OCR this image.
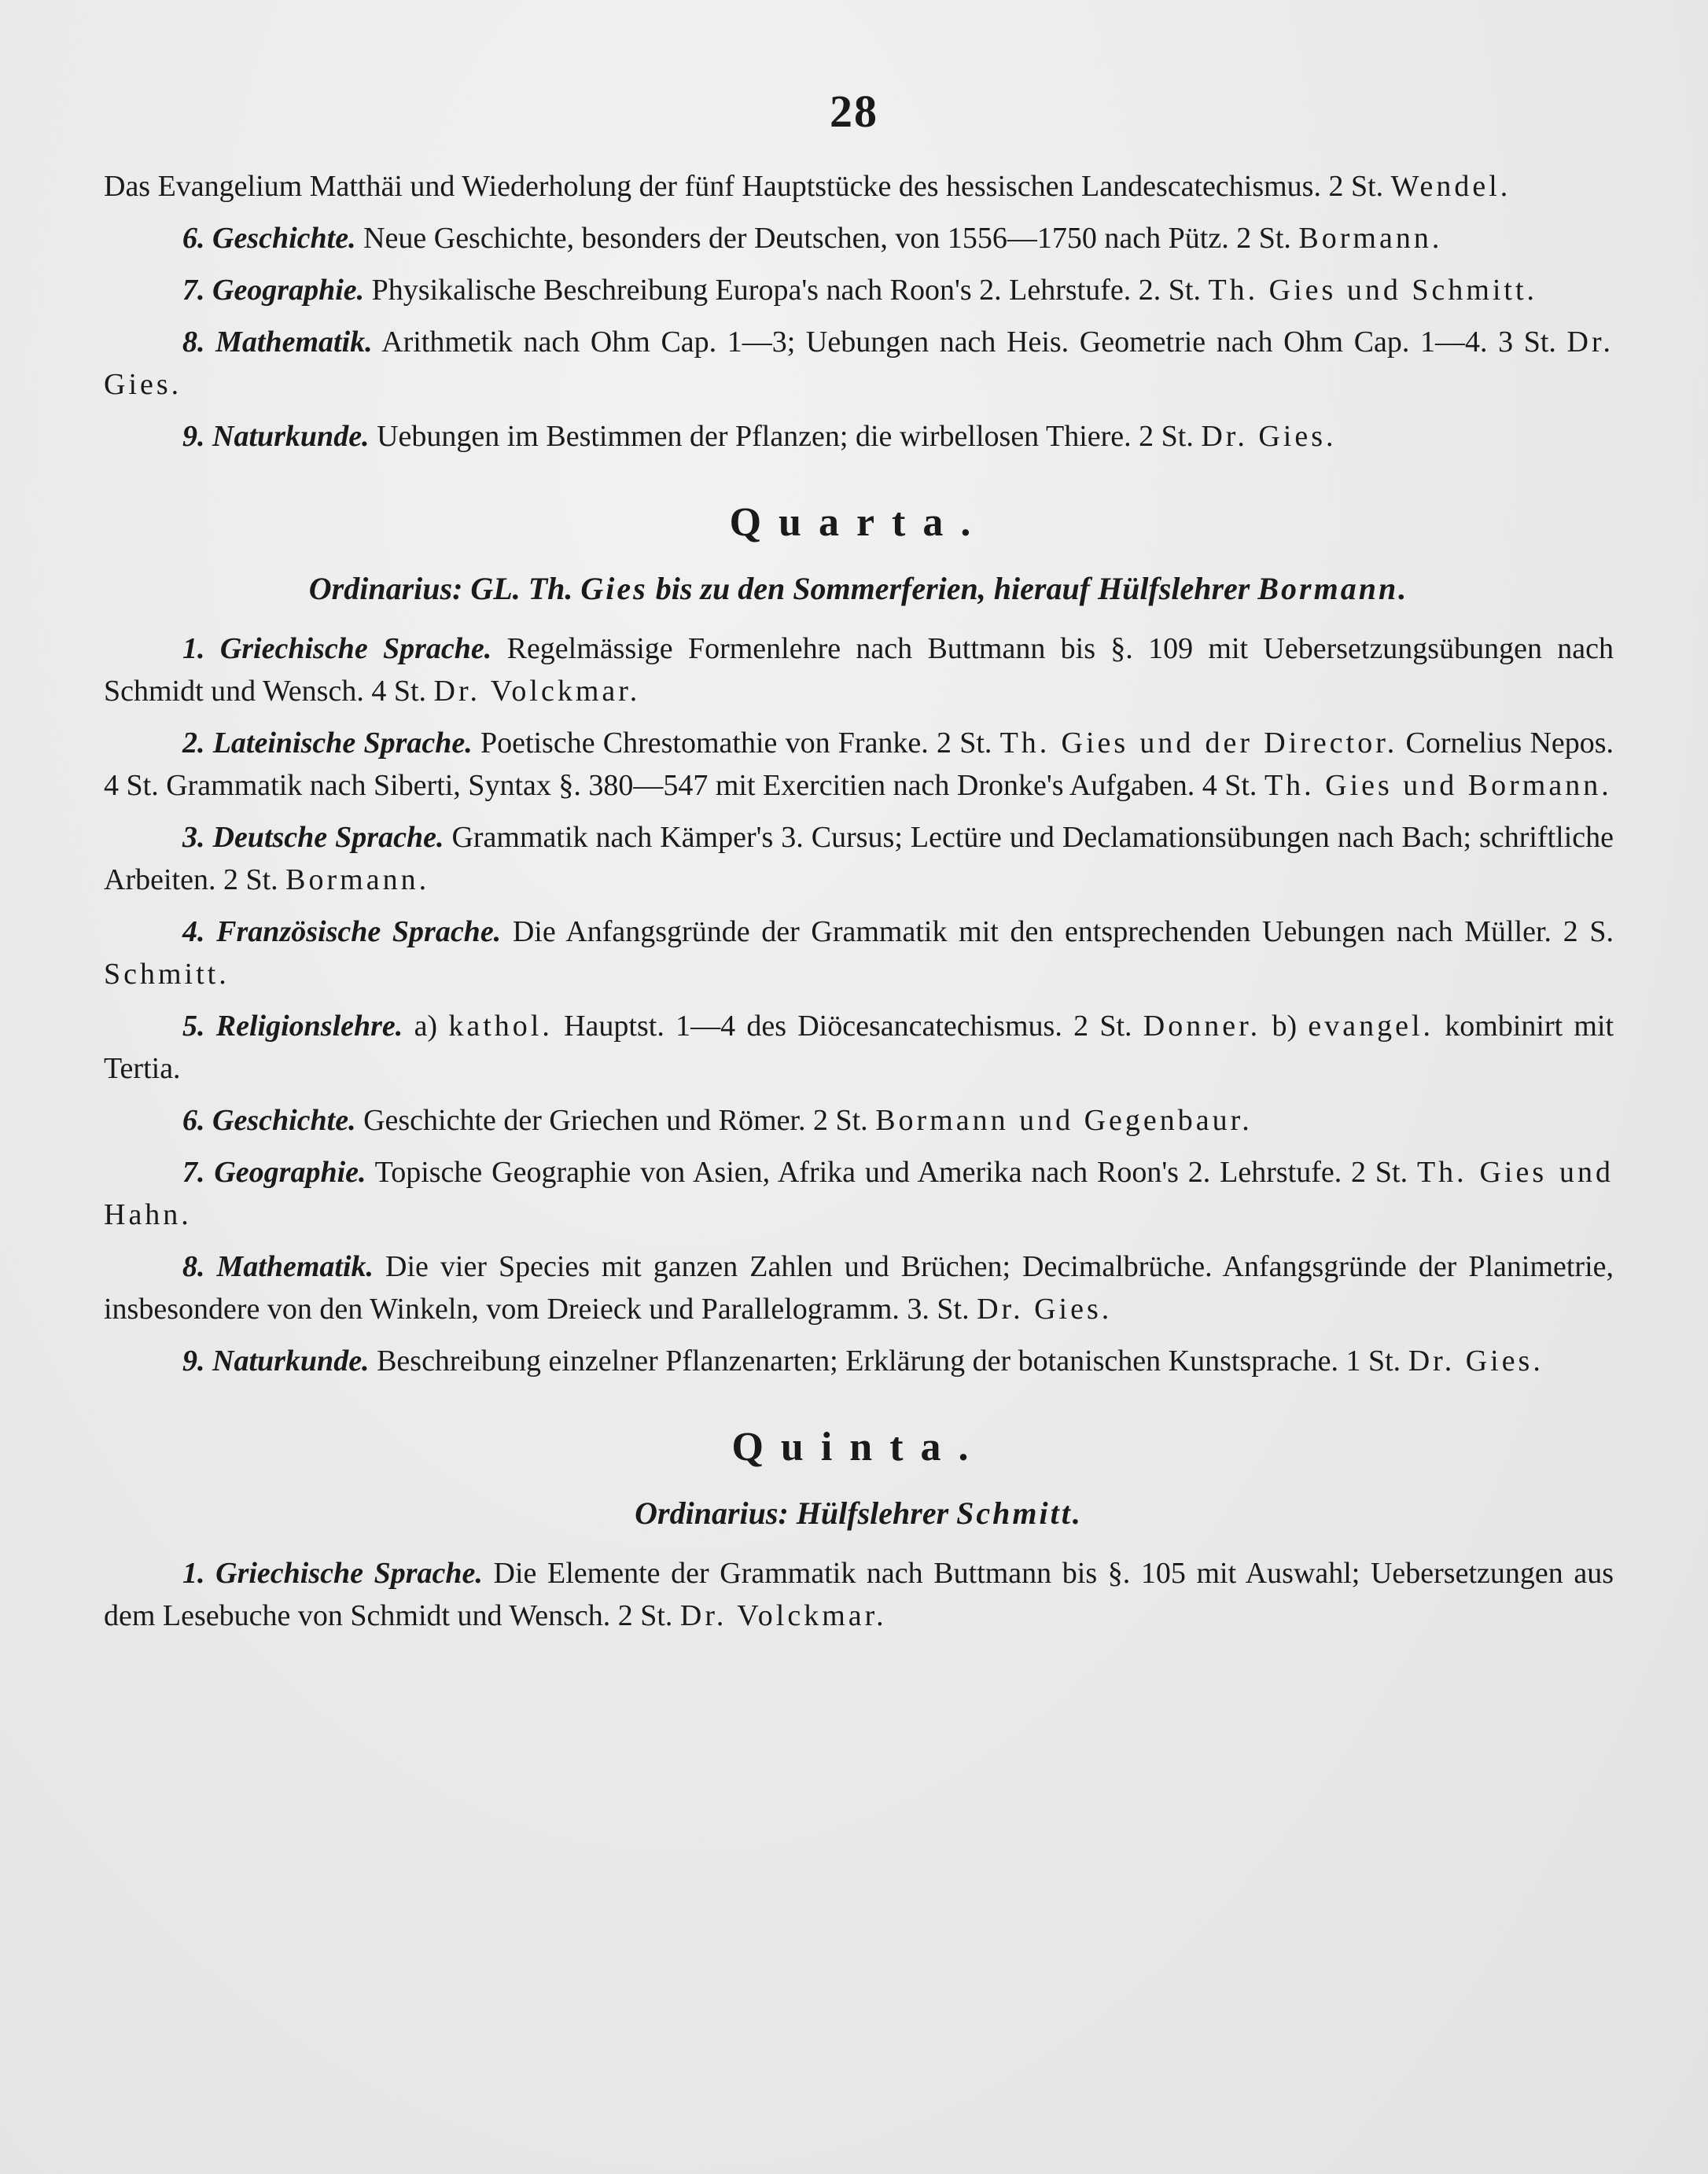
28

Das Evangelium Matthäi und Wiederholung der fünf Hauptstücke des hessischen Landescatechismus. 2 St. Wendel.

6. Geschichte. Neue Geschichte, besonders der Deutschen, von 1556—1750 nach Pütz. 2 St. Bormann.

7. Geographie. Physikalische Beschreibung Europa's nach Roon's 2. Lehrstufe. 2. St. Th. Gies und Schmitt.

8. Mathematik. Arithmetik nach Ohm Cap. 1—3; Uebungen nach Heis. Geometrie nach Ohm Cap. 1—4. 3 St. Dr. Gies.

9. Naturkunde. Uebungen im Bestimmen der Pflanzen; die wirbellosen Thiere. 2 St. Dr. Gies.

Quarta.
Ordinarius: GL. Th. Gies bis zu den Sommerferien, hierauf Hülfslehrer Bormann.

1. Griechische Sprache. Regelmässige Formenlehre nach Buttmann bis §. 109 mit Uebersetzungsübungen nach Schmidt und Wensch. 4 St. Dr. Volckmar.

2. Lateinische Sprache. Poetische Chrestomathie von Franke. 2 St. Th. Gies und der Director. Cornelius Nepos. 4 St. Grammatik nach Siberti, Syntax §. 380—547 mit Exercitien nach Dronke's Aufgaben. 4 St. Th. Gies und Bormann.

3. Deutsche Sprache. Grammatik nach Kämper's 3. Cursus; Lectüre und Declamationsübungen nach Bach; schriftliche Arbeiten. 2 St. Bormann.

4. Französische Sprache. Die Anfangsgründe der Grammatik mit den entsprechenden Uebungen nach Müller. 2 S. Schmitt.

5. Religionslehre. a) kathol. Hauptst. 1—4 des Diöcesancatechismus. 2 St. Donner. b) evangel. kombinirt mit Tertia.

6. Geschichte. Geschichte der Griechen und Römer. 2 St. Bormann und Gegenbaur.

7. Geographie. Topische Geographie von Asien, Afrika und Amerika nach Roon's 2. Lehrstufe. 2 St. Th. Gies und Hahn.

8. Mathematik. Die vier Species mit ganzen Zahlen und Brüchen; Decimalbrüche. Anfangsgründe der Planimetrie, insbesondere von den Winkeln, vom Dreieck und Parallelogramm. 3. St. Dr. Gies.

9. Naturkunde. Beschreibung einzelner Pflanzenarten; Erklärung der botanischen Kunstsprache. 1 St. Dr. Gies.

Quinta.
Ordinarius: Hülfslehrer Schmitt.

1. Griechische Sprache. Die Elemente der Grammatik nach Buttmann bis §. 105 mit Auswahl; Uebersetzungen aus dem Lesebuche von Schmidt und Wensch. 2 St. Dr. Volckmar.
